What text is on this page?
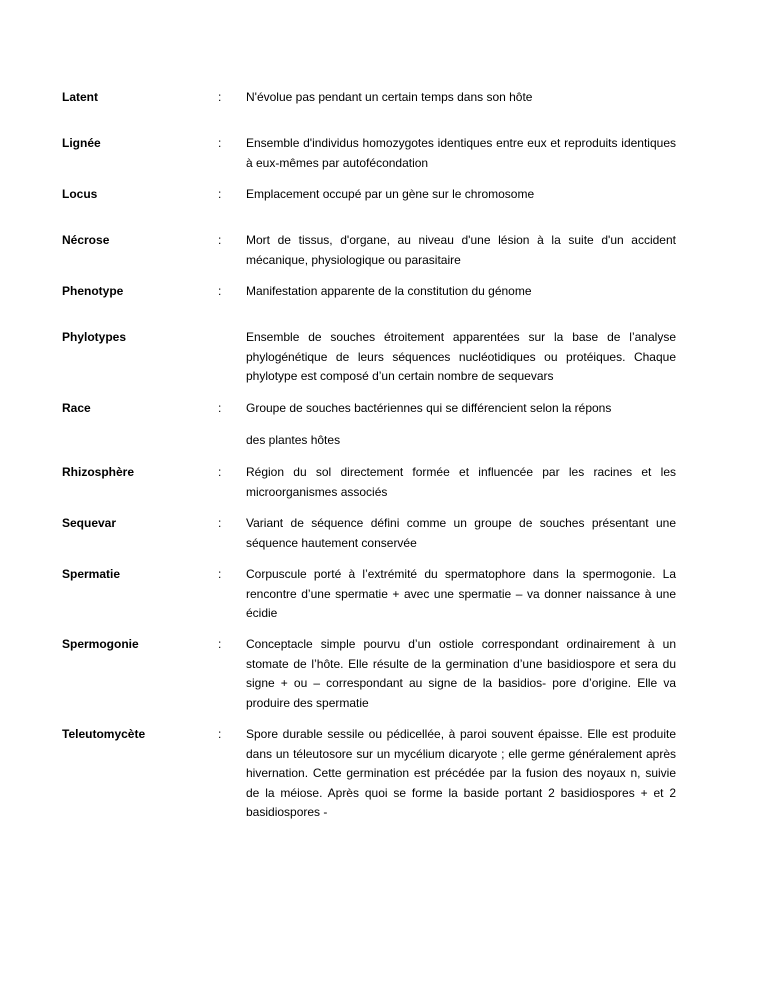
Latent	:	N'évolue pas pendant un certain temps dans son hôte
Lignée	:	Ensemble d'individus homozygotes identiques entre eux et reproduits identiques à eux-mêmes par autofécondation
Locus	:	Emplacement occupé par un gène sur le chromosome
Nécrose	:	Mort de tissus, d'organe, au niveau d'une lésion à la suite d'un accident mécanique, physiologique ou parasitaire
Phenotype	:	Manifestation apparente de la constitution du génome
Phylotypes	Ensemble de souches étroitement apparentées sur la base de l’analyse phylogénétique de leurs séquences nucléotidiques ou protéiques. Chaque phylotype est composé d’un certain nombre de sequevars
Race	:	Groupe de souches bactériennes qui se différencient selon la répons
des plantes hôtes
Rhizosphère	:	Région du sol directement formée et influencée par les racines et les microorganismes associés
Sequevar	:	Variant de séquence défini comme un groupe de souches présentant une séquence hautement conservée
Spermatie	:	Corpuscule porté à l’extrémité du spermatophore dans la spermogonie. La rencontre d’une spermatie + avec une spermatie – va donner naissance à une écidie
Spermogonie	:	Conceptacle simple pourvu d’un ostiole correspondant ordinairement à un stomate de l’hôte. Elle résulte de la germination d’une basidiospore et sera du signe + ou – correspondant au signe de la basidios- pore d’origine. Elle va produire des spermatie
Teleutomycète	:	Spore durable sessile ou pédicellée, à paroi souvent épaisse. Elle est produite dans un téleutosore sur un mycélium dicaryote ; elle germe généralement après hivernation. Cette germination est précédée par la fusion des noyaux n, suivie de la méiose. Après quoi se forme la baside portant 2 basidiospores + et 2 basidiospores -
